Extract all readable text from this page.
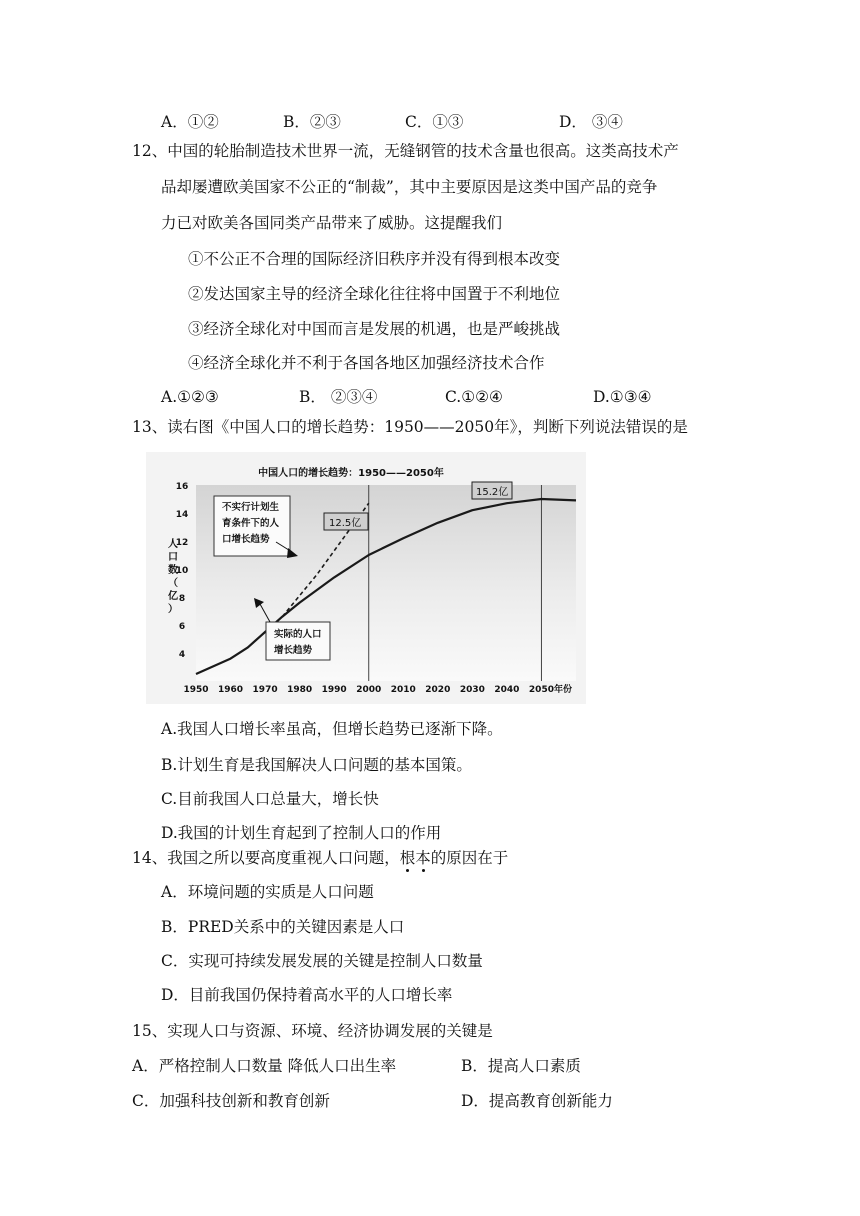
A．①②	B．②③	C．①③	D． ③④
12、中国的轮胎制造技术世界一流，无缝钢管的技术含量也很高。这类高技术产
品却屡遭欧美国家不公正的“制裁”，其中主要原因是这类中国产品的竞争
力已对欧美各国同类产品带来了威胁。这提醒我们
①不公正不合理的国际经济旧秩序并没有得到根本改变
②发达国家主导的经济全球化往往将中国置于不利地位
③经济全球化对中国而言是发展的机遇，也是严峻挑战
④经济全球化并不利于各国各地区加强经济技术合作
A.①②③	B． ②③④	C.①②④	D.①③④
13、读右图《中国人口的增长趋势：1950——2050年》，判断下列说法错误的是
中国人口的增长趋势：1950——2050年
4
6
8
10
12
14
16
1950 1960 1970 1980 1990 2000 2010 2020 2030 2040 2050
人口数（亿）
年份
不实行计划生
育条件下的人
口增长趋势
实际的人口
增长趋势
12.5亿
15.2亿
A.我国人口增长率虽高，但增长趋势已逐渐下降。
B.计划生育是我国解决人口问题的基本国策。
C.目前我国人口总量大，增长快
D.我国的计划生育起到了控制人口的作用
14、我国之所以要高度重视人口问题，根本的原因在于
A．环境问题的实质是人口问题
B．PRED关系中的关键因素是人口
C．实现可持续发展发展的关键是控制人口数量
D．目前我国仍保持着高水平的人口增长率
15、实现人口与资源、环境、经济协调发展的关键是
A．严格控制人口数量 降低人口出生率	B．提高人口素质
C．加强科技创新和教育创新	D．提高教育创新能力
